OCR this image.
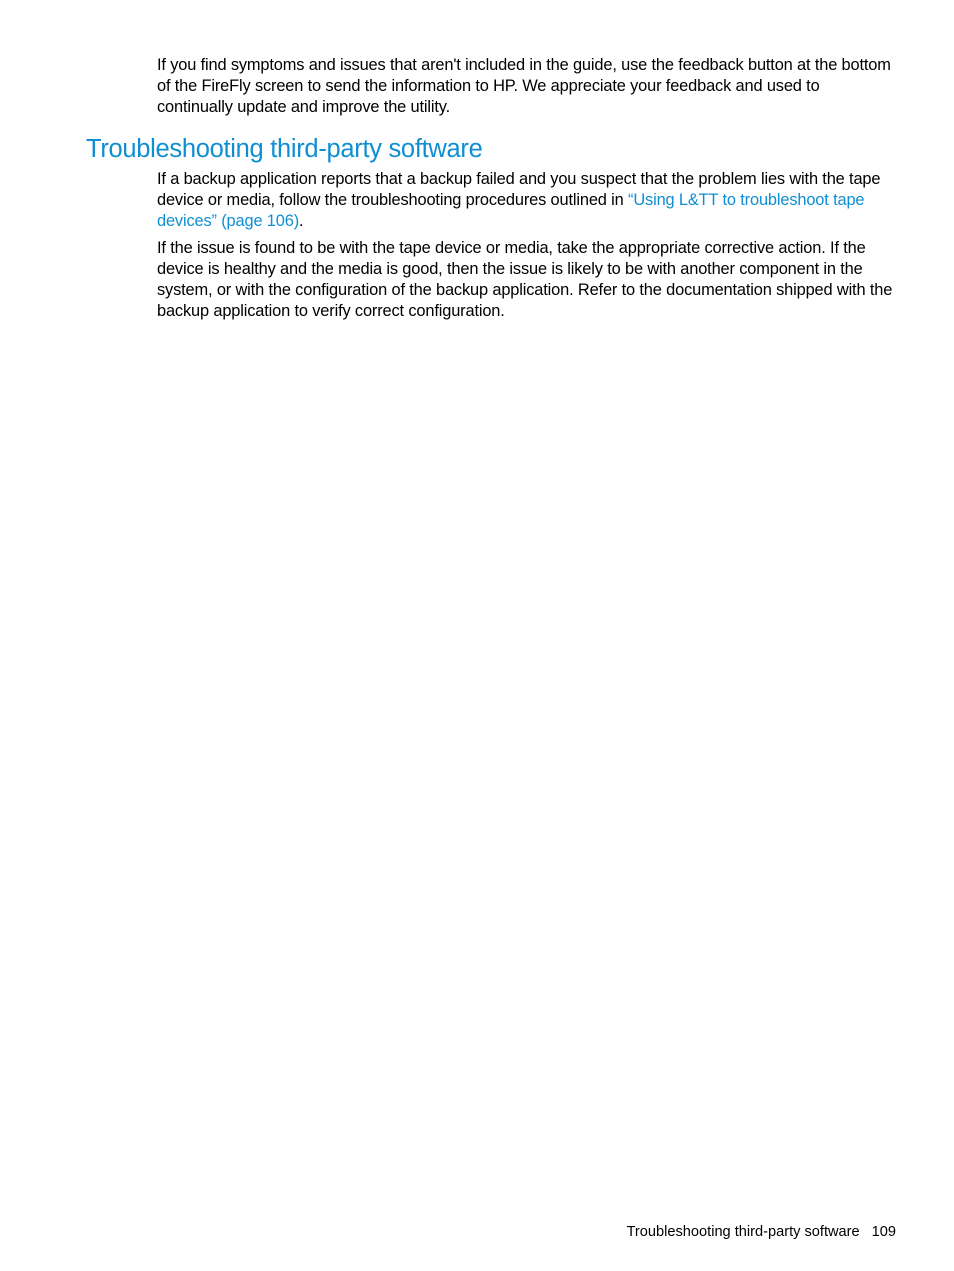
If you find symptoms and issues that aren't included in the guide, use the feedback button at the bottom of the FireFly screen to send the information to HP. We appreciate your feedback and used to continually update and improve the utility.

Troubleshooting third-party software

If a backup application reports that a backup failed and you suspect that the problem lies with the tape device or media, follow the troubleshooting procedures outlined in “Using L&TT to troubleshoot tape devices” (page 106).

If the issue is found to be with the tape device or media, take the appropriate corrective action. If the device is healthy and the media is good, then the issue is likely to be with another component in the system, or with the configuration of the backup application. Refer to the documentation shipped with the backup application to verify correct configuration.

Troubleshooting third-party software 109
